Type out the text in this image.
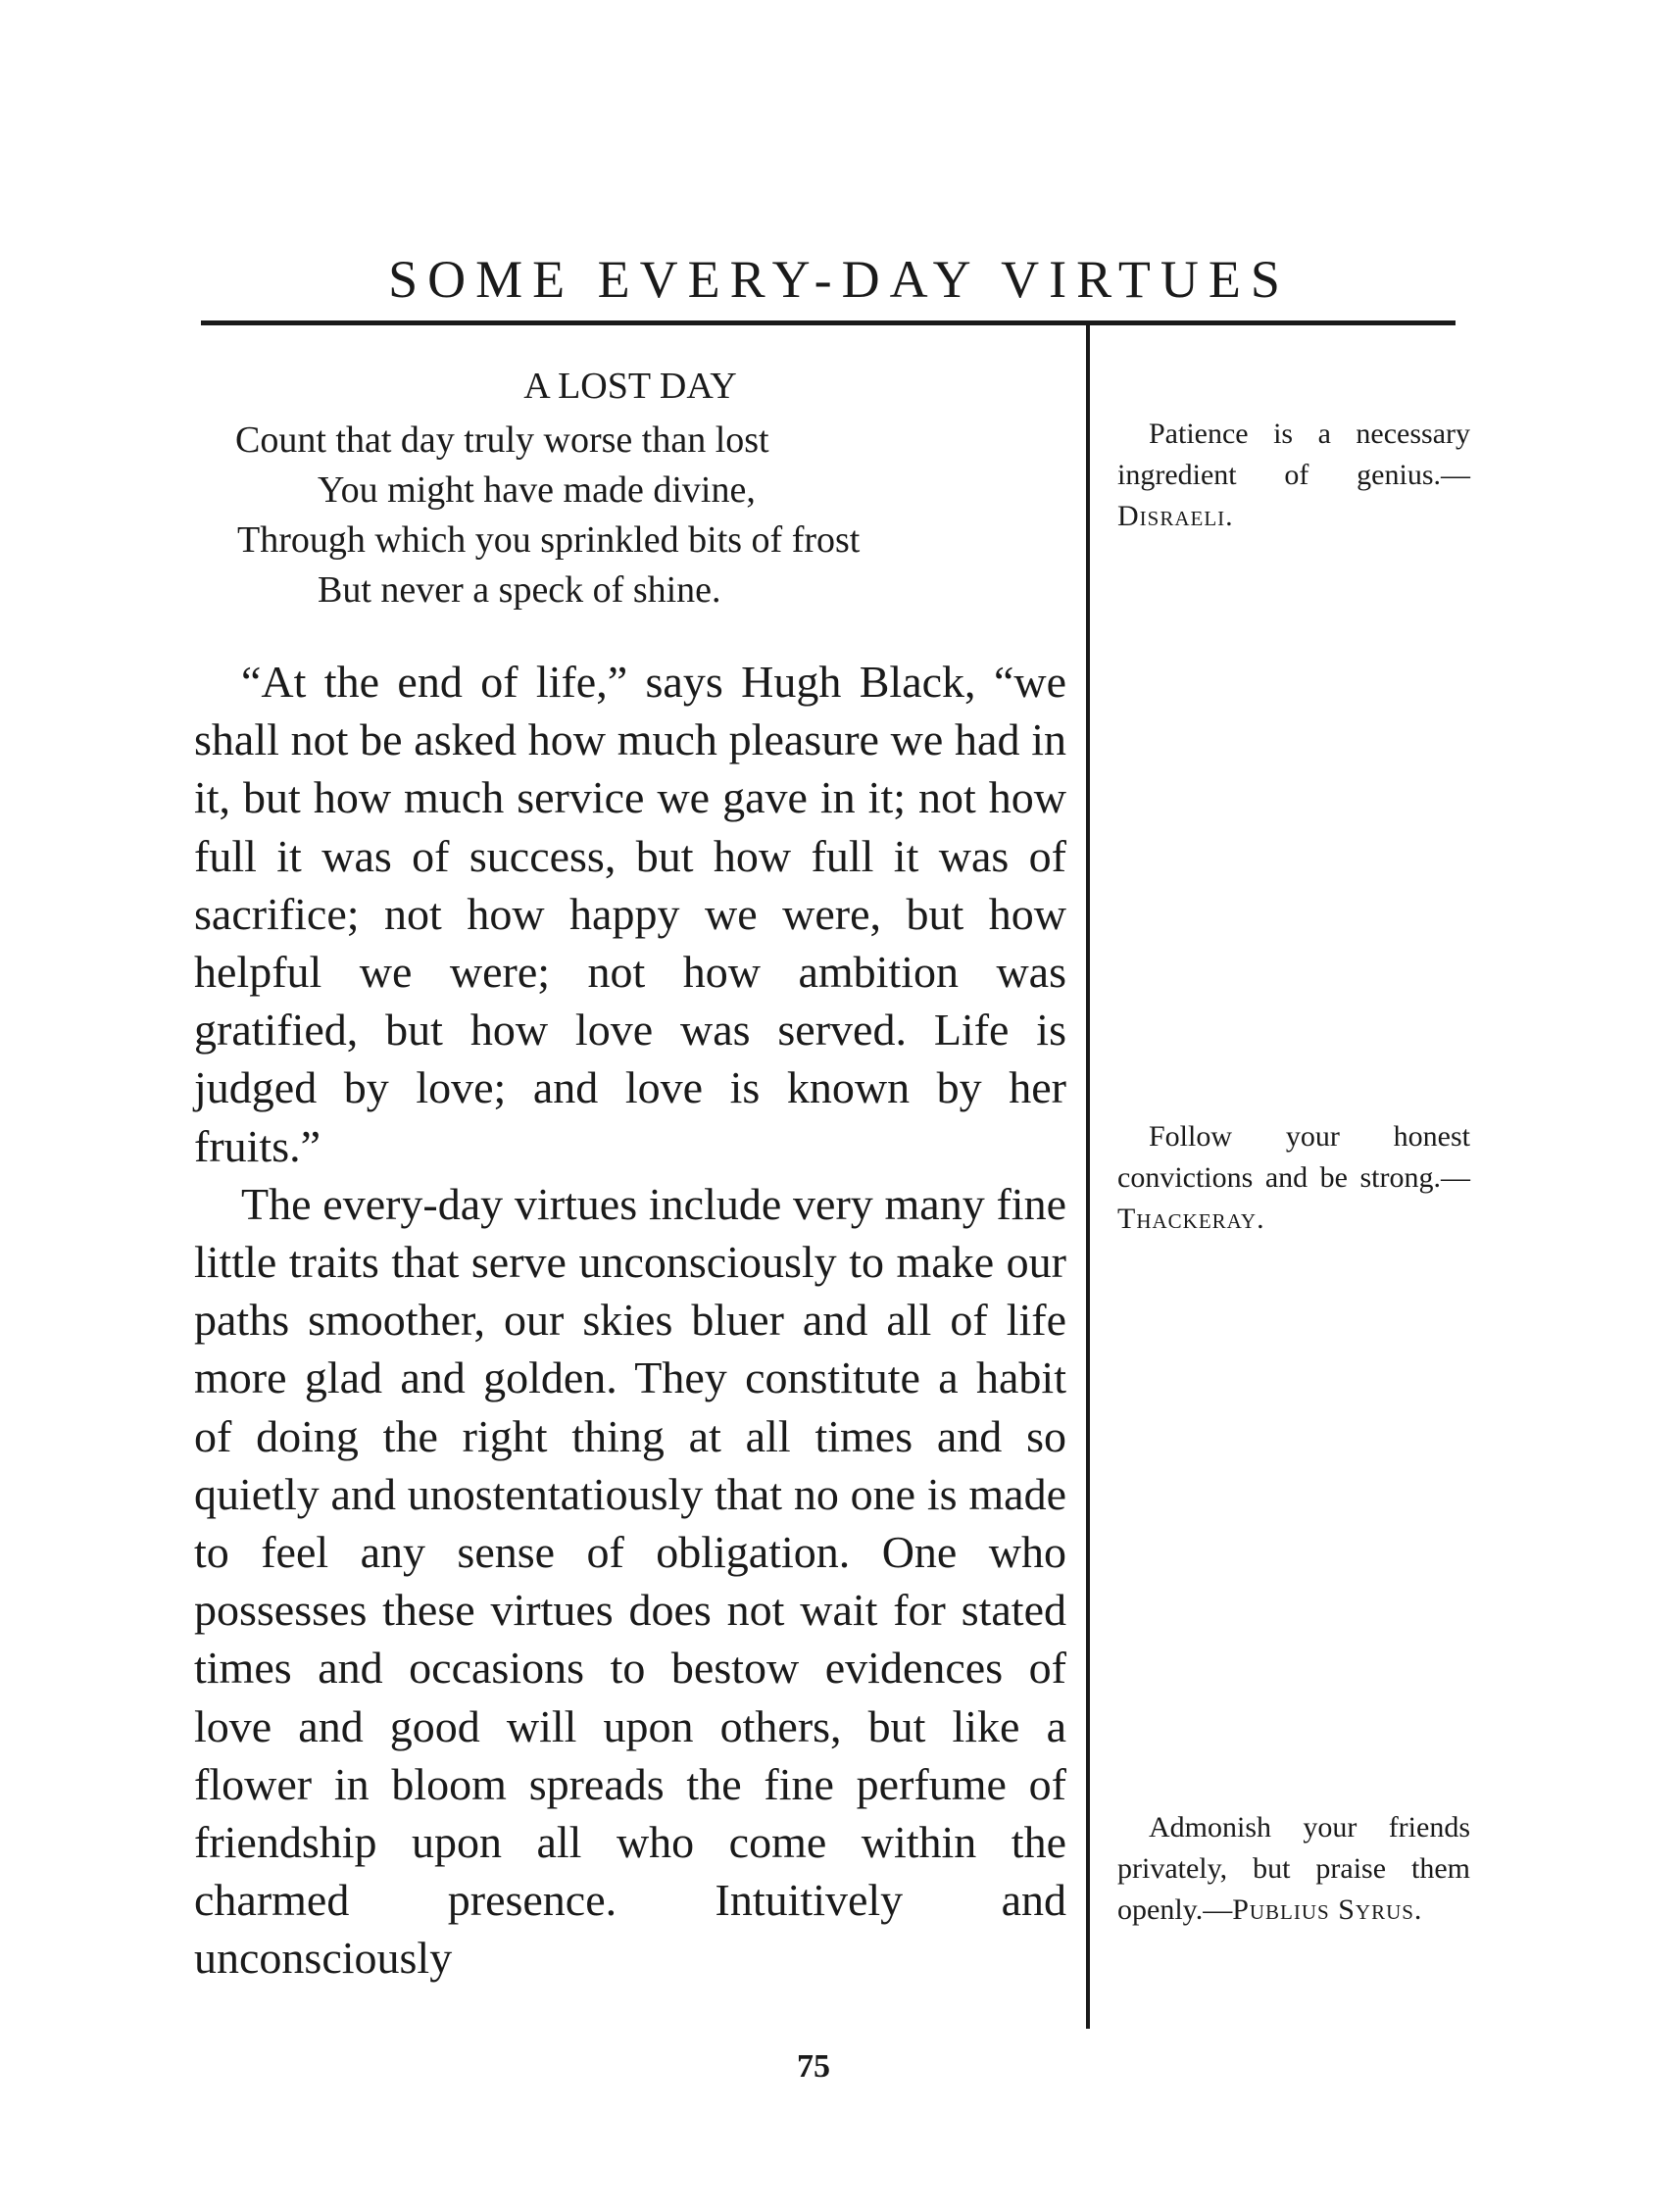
SOME EVERY-DAY VIRTUES
A LOST DAY
Count that day truly worse than lost
You might have made divine,
Through which you sprinkled bits of frost
But never a speck of shine.

“At the end of life,” says Hugh Black, “we shall not be asked how much pleasure we had in it, but how much service we gave in it; not how full it was of success, but how full it was of sacrifice; not how happy we were, but how helpful we were; not how ambition was gratified, but how love was served. Life is judged by love; and love is known by her fruits.”

The every-day virtues include very many fine little traits that serve unconsciously to make our paths smoother, our skies bluer and all of life more glad and golden. They constitute a habit of doing the right thing at all times and so quietly and unostentatiously that no one is made to feel any sense of obligation. One who possesses these virtues does not wait for stated times and occasions to bestow evidences of love and good will upon others, but like a flower in bloom spreads the fine perfume of friendship upon all who come within the charmed presence. Intuitively and unconsciously

Patience is a necessary ingredient of genius.—Disraeli.
Follow your honest convictions and be strong.—Thackeray.
Admonish your friends privately, but praise them openly.—Publius Syrus.
75
